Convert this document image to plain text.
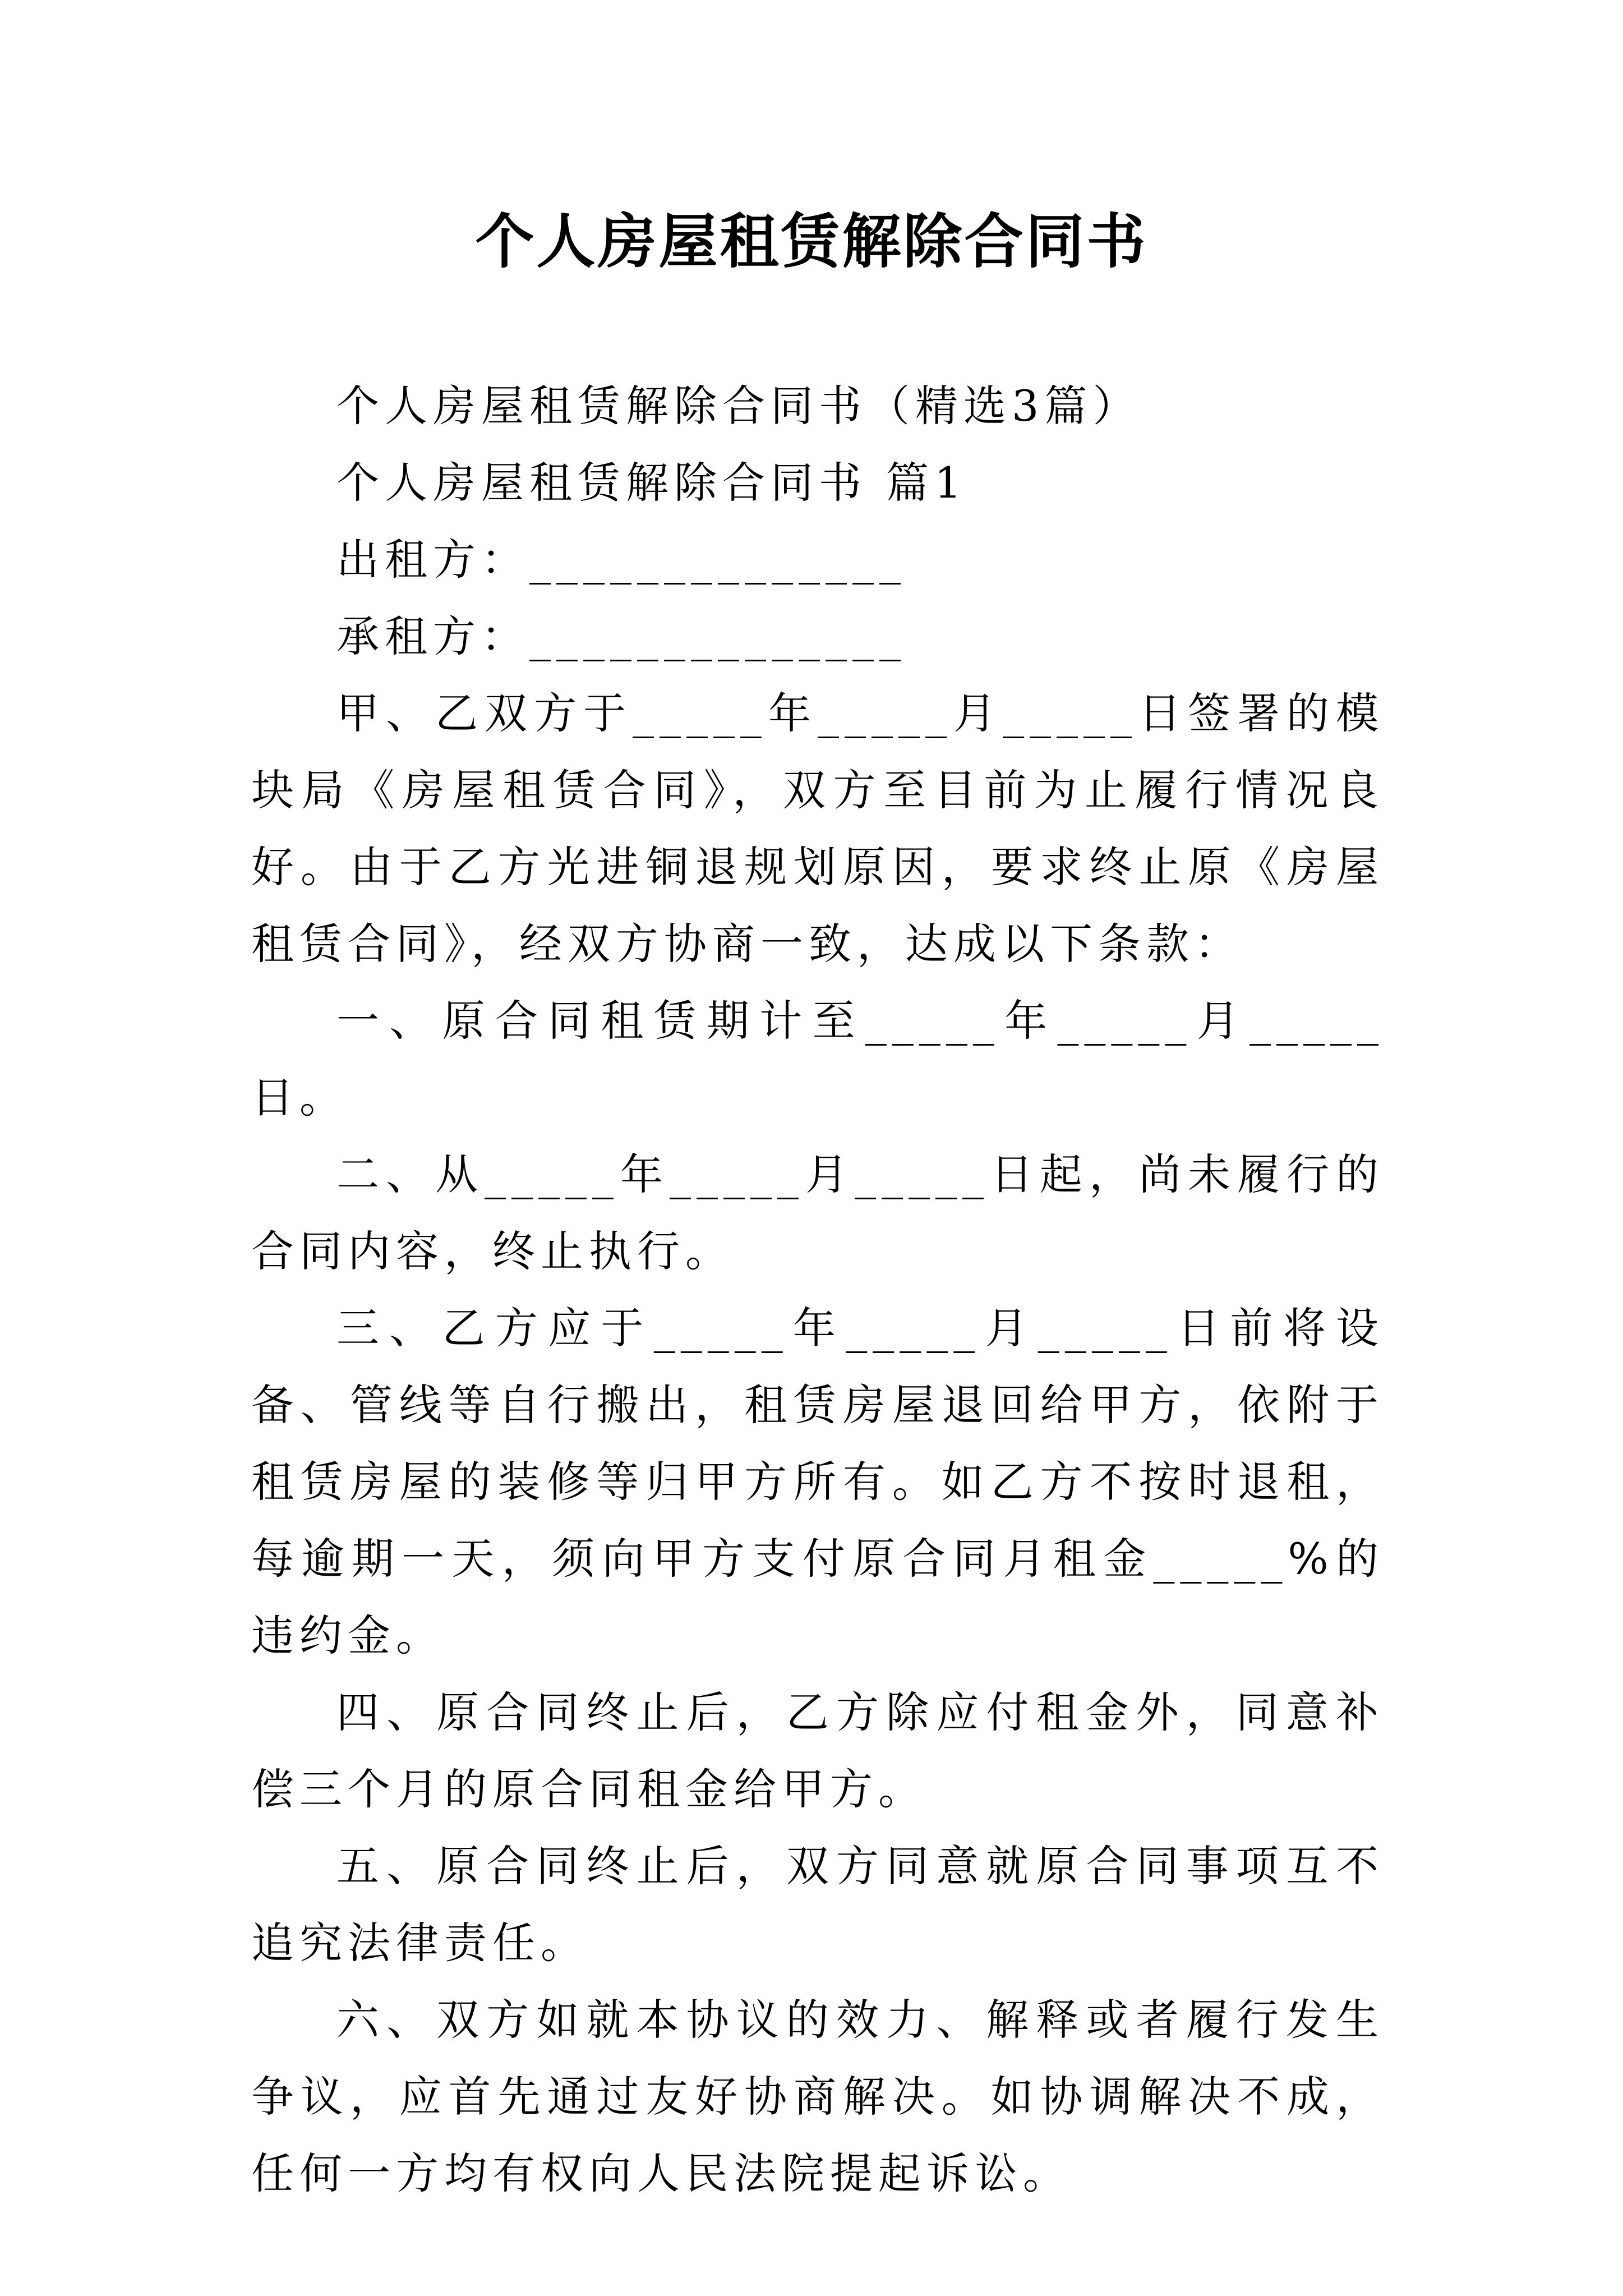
个人房屋租赁解除合同书

个人房屋租赁解除合同书（精选3篇）

个人房屋租赁解除合同书 篇1

出租方：______________

承租方：______________

甲、乙双方于_____年_____月_____日签署的模块局《房屋租赁合同》，双方至目前为止履行情况良好。由于乙方光进铜退规划原因，要求终止原《房屋租赁合同》，经双方协商一致，达成以下条款：

一、原合同租赁期计至_____年_____月_____日。

二、从_____年_____月_____日起，尚未履行的合同内容，终止执行。

三、乙方应于_____年_____月_____日前将设备、管线等自行搬出，租赁房屋退回给甲方，依附于租赁房屋的装修等归甲方所有。如乙方不按时退租，每逾期一天，须向甲方支付原合同月租金_____%的违约金。

四、原合同终止后，乙方除应付租金外，同意补偿三个月的原合同租金给甲方。

五、原合同终止后，双方同意就原合同事项互不追究法律责任。

六、双方如就本协议的效力、解释或者履行发生争议，应首先通过友好协商解决。如协调解决不成，任何一方均有权向人民法院提起诉讼。
